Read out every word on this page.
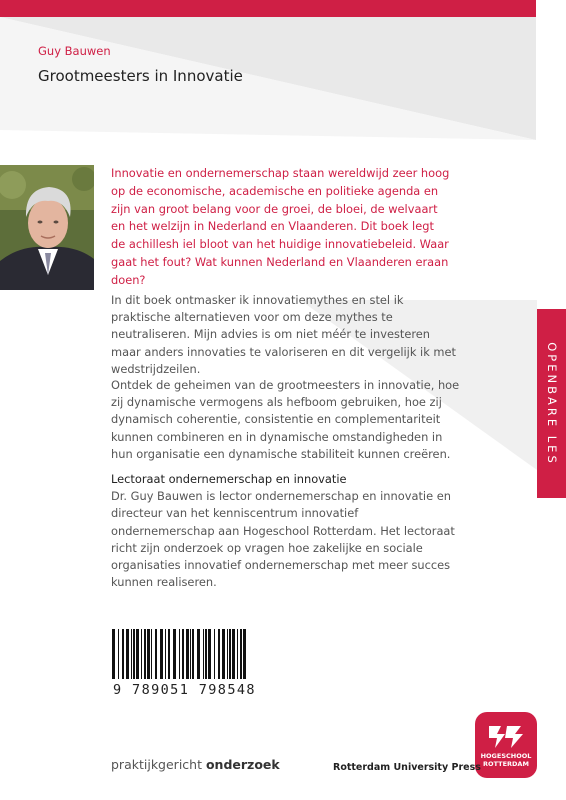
Guy Bauwen
Grootmeesters in Innovatie
Innovatie en ondernemerschap staan wereldwijd zeer hoog op de economische, academische en politieke agenda en zijn van groot belang voor de groei, de bloei, de welvaart en het welzijn in Nederland en Vlaanderen. Dit boek legt de achillesh iel bloot van het huidige innovatiebeleid. Waar gaat het fout? Wat kunnen Nederland en Vlaanderen eraan doen?
In dit boek ontmasker ik innovatiemythes en stel ik praktische alternatieven voor om deze mythes te neutraliseren. Mijn advies is om niet méér te investeren maar anders innovaties te valoriseren en dit vergelijk ik met wedstrijdzeilen.
Ontdek de geheimen van de grootmeesters in innovatie, hoe zij dynamische vermogens als hefboom gebruiken, hoe zij dynamisch coherentie, consistentie en complementariteit kunnen combineren en in dynamische omstandigheden in hun organisatie een dynamische stabiliteit kunnen creëren.
Lectoraat ondernemerschap en innovatie
Dr. Guy Bauwen is lector ondernemerschap en innovatie en directeur van het kenniscentrum innovatief ondernemerschap aan Hogeschool Rotterdam. Het lectoraat richt zijn onderzoek op vragen hoe zakelijke en sociale organisaties innovatief ondernemerschap met meer succes kunnen realiseren.
OPENBARE LES
9 789051 798548
HOGESCHOOL
ROTTERDAM
praktijkgericht onderzoek	Rotterdam University Press
